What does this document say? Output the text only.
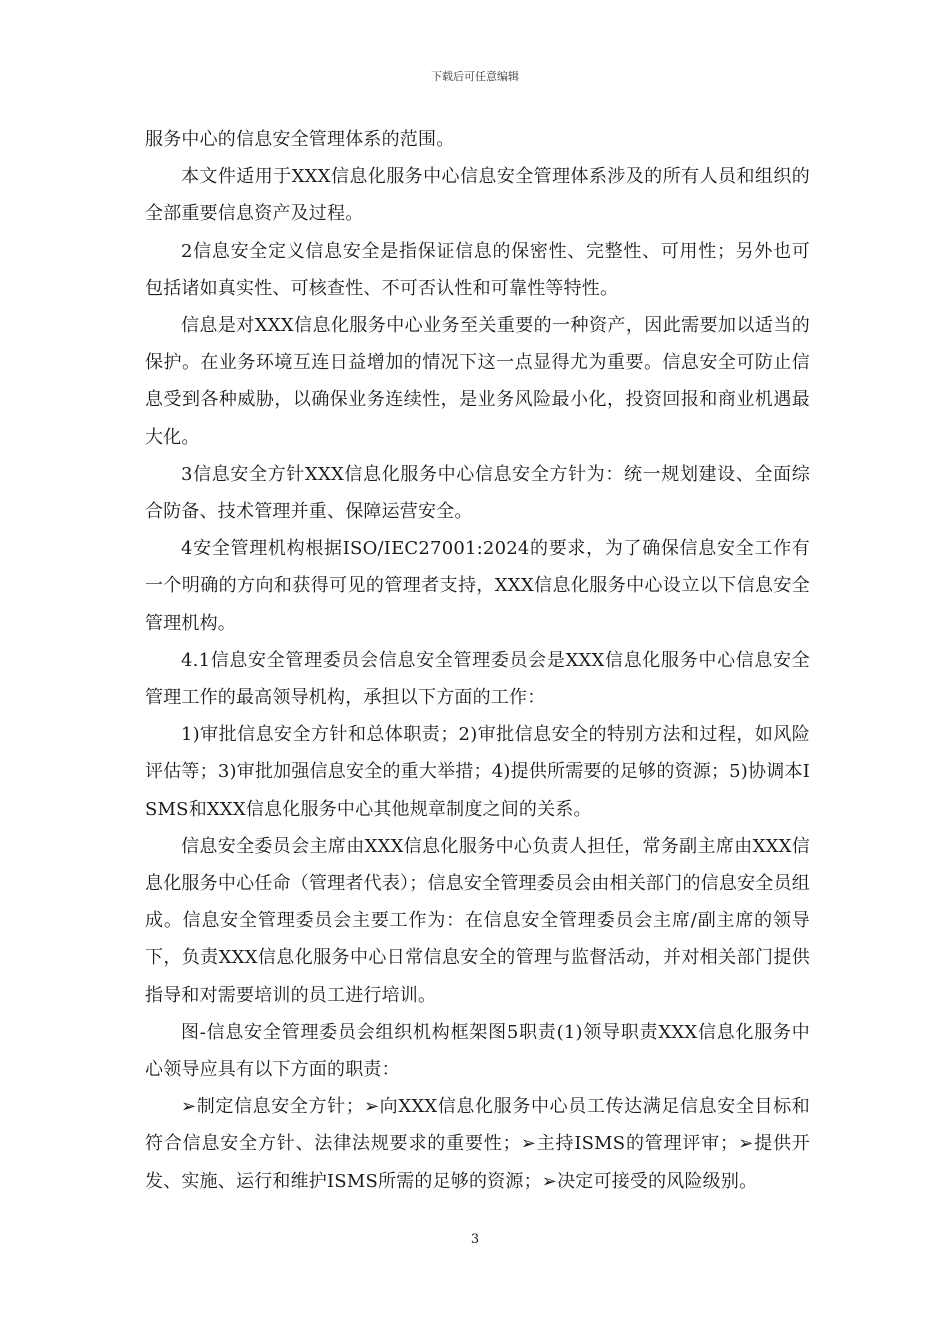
下载后可任意编辑

服务中心的信息安全管理体系的范围。

本文件适用于XXX信息化服务中心信息安全管理体系涉及的所有人员和组织的全部重要信息资产及过程。

2信息安全定义信息安全是指保证信息的保密性、完整性、可用性；另外也可包括诸如真实性、可核查性、不可否认性和可靠性等特性。

信息是对XXX信息化服务中心业务至关重要的一种资产，因此需要加以适当的保护。在业务环境互连日益增加的情况下这一点显得尤为重要。信息安全可防止信息受到各种威胁，以确保业务连续性，是业务风险最小化，投资回报和商业机遇最大化。

3信息安全方针XXX信息化服务中心信息安全方针为：统一规划建设、全面综合防备、技术管理并重、保障运营安全。

4安全管理机构根据ISO/IEC27001:2024的要求，为了确保信息安全工作有一个明确的方向和获得可见的管理者支持，XXX信息化服务中心设立以下信息安全管理机构。

4.1信息安全管理委员会信息安全管理委员会是XXX信息化服务中心信息安全管理工作的最高领导机构，承担以下方面的工作：

1)审批信息安全方针和总体职责；2)审批信息安全的特别方法和过程，如风险评估等；3)审批加强信息安全的重大举措；4)提供所需要的足够的资源；5)协调本ISMS和XXX信息化服务中心其他规章制度之间的关系。

信息安全委员会主席由XXX信息化服务中心负责人担任，常务副主席由XXX信息化服务中心任命（管理者代表）；信息安全管理委员会由相关部门的信息安全员组成。信息安全管理委员会主要工作为：在信息安全管理委员会主席/副主席的领导下，负责XXX信息化服务中心日常信息安全的管理与监督活动，并对相关部门提供指导和对需要培训的员工进行培训。

图-信息安全管理委员会组织机构框架图5职责(1)领导职责XXX信息化服务中心领导应具有以下方面的职责：

➢制定信息安全方针；➢向XXX信息化服务中心员工传达满足信息安全目标和符合信息安全方针、法律法规要求的重要性；➢主持ISMS的管理评审；➢提供开发、实施、运行和维护ISMS所需的足够的资源；➢决定可接受的风险级别。

3
